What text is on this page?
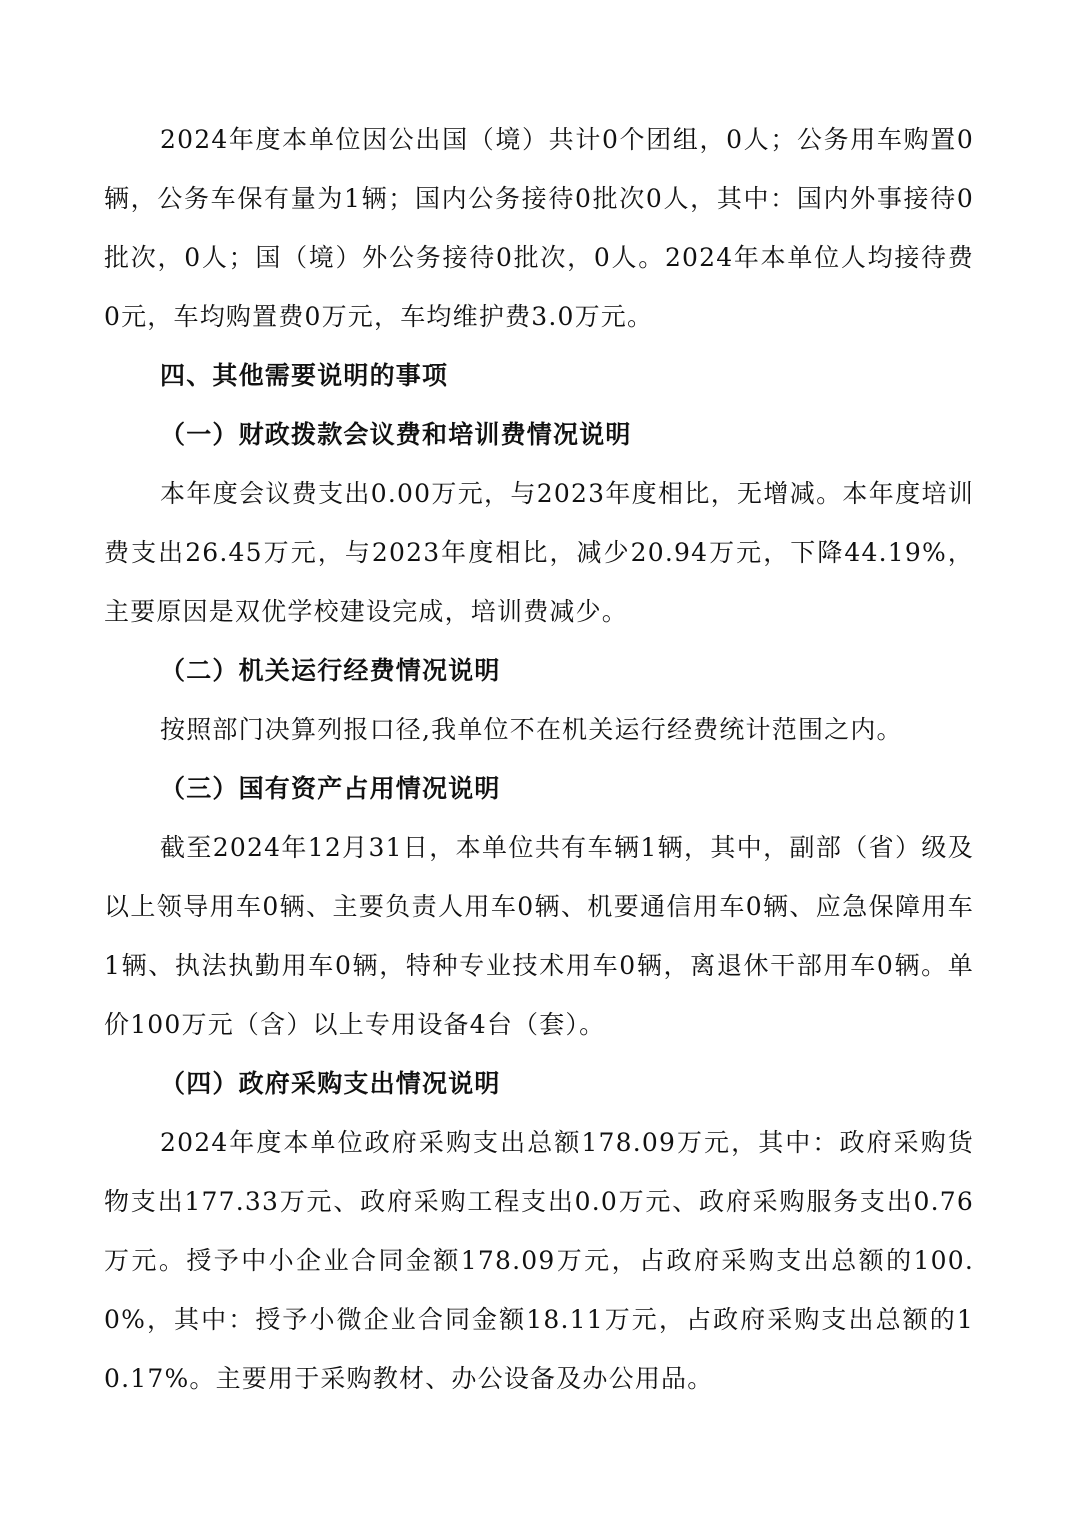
2024年度本单位因公出国（境）共计0个团组，0人；公务用车购置0辆，公务车保有量为1辆；国内公务接待0批次0人，其中：国内外事接待0批次，0人；国（境）外公务接待0批次，0人。2024年本单位人均接待费0元，车均购置费0万元，车均维护费3.0万元。

四、其他需要说明的事项

（一）财政拨款会议费和培训费情况说明

本年度会议费支出0.00万元，与2023年度相比，无增减。本年度培训费支出26.45万元，与2023年度相比，减少20.94万元，下降44.19%，主要原因是双优学校建设完成，培训费减少。

（二）机关运行经费情况说明

按照部门决算列报口径,我单位不在机关运行经费统计范围之内。

（三）国有资产占用情况说明

截至2024年12月31日，本单位共有车辆1辆，其中，副部（省）级及以上领导用车0辆、主要负责人用车0辆、机要通信用车0辆、应急保障用车1辆、执法执勤用车0辆，特种专业技术用车0辆，离退休干部用车0辆。单价100万元（含）以上专用设备4台（套）。

（四）政府采购支出情况说明

2024年度本单位政府采购支出总额178.09万元，其中：政府采购货物支出177.33万元、政府采购工程支出0.0万元、政府采购服务支出0.76万元。授予中小企业合同金额178.09万元，占政府采购支出总额的100.0%，其中：授予小微企业合同金额18.11万元，占政府采购支出总额的10.17%。主要用于采购教材、办公设备及办公用品。
